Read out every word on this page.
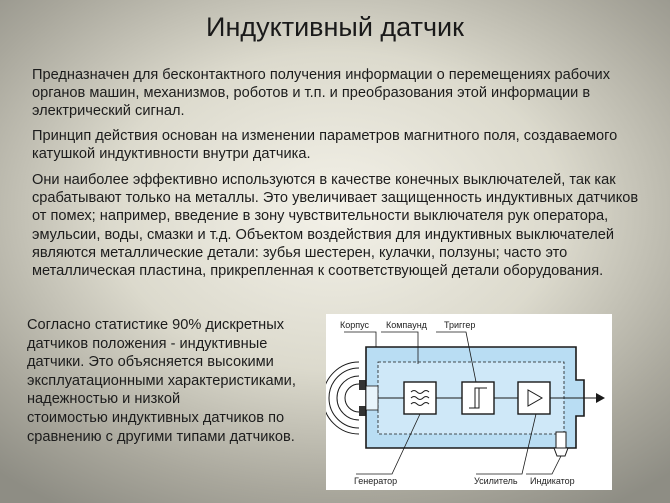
Индуктивный датчик
Предназначен для бесконтактного получения информации о перемещениях рабочих органов машин, механизмов, роботов и т.п. и преобразования этой информации в электрический сигнал.
Принцип действия основан на изменении параметров магнитного поля, создаваемого катушкой индуктивности внутри датчика.
Они наиболее эффективно используются в качестве конечных выключателей, так как срабатывают только на металлы. Это увеличивает защищенность индуктивных датчиков от помех; например, введение в зону чувствительности выключателя рук оператора, эмульсии, воды, смазки и т.д. Объектом воздействия для индуктивных выключателей являются металлические детали: зубья шестерен, кулачки, ползуны; часто это металлическая пластина, прикрепленная к соответствующей детали оборудования.
Согласно статистике 90% дискретных
датчиков положения - индуктивные
датчики. Это объясняется высокими
эксплуатационными характеристиками,
надежностью и низкой
стоимостью индуктивных датчиков по
сравнению с другими типами датчиков.
Корпус Компаунд Триггер
Генератор	Усилитель Индикатор
